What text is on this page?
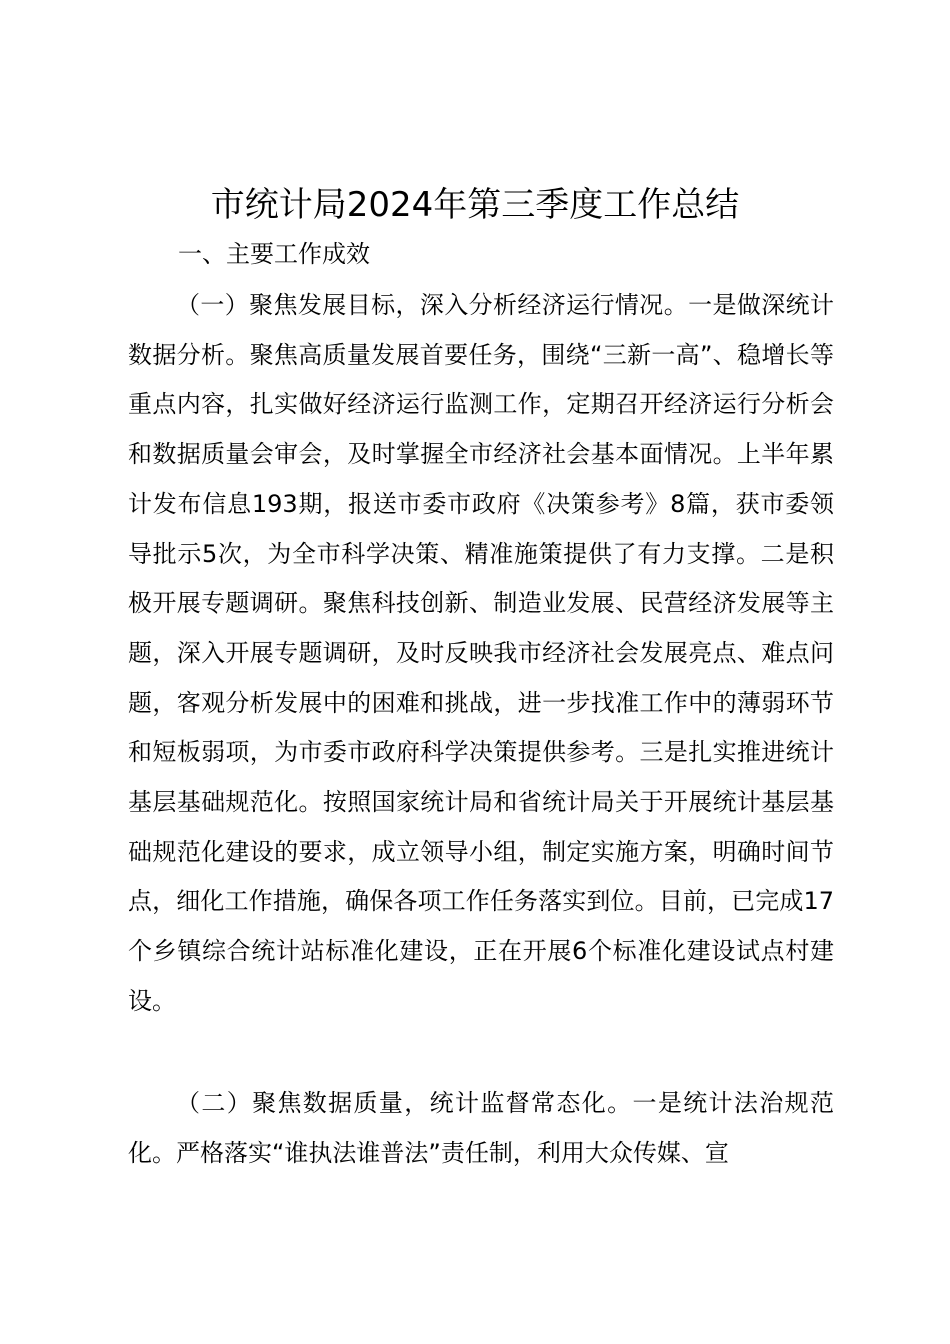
市统计局2024年第三季度工作总结

一、主要工作成效

（一）聚焦发展目标，深入分析经济运行情况。一是做深统计数据分析。聚焦高质量发展首要任务，围绕“三新一高”、稳增长等重点内容，扎实做好经济运行监测工作，定期召开经济运行分析会和数据质量会审会，及时掌握全市经济社会基本面情况。上半年累计发布信息193期，报送市委市政府《决策参考》8篇，获市委领导批示5次，为全市科学决策、精准施策提供了有力支撑。二是积极开展专题调研。聚焦科技创新、制造业发展、民营经济发展等主题，深入开展专题调研，及时反映我市经济社会发展亮点、难点问题，客观分析发展中的困难和挑战，进一步找准工作中的薄弱环节和短板弱项，为市委市政府科学决策提供参考。三是扎实推进统计基层基础规范化。按照国家统计局和省统计局关于开展统计基层基础规范化建设的要求，成立领导小组，制定实施方案，明确时间节点，细化工作措施，确保各项工作任务落实到位。目前，已完成17个乡镇综合统计站标准化建设，正在开展6个标准化建设试点村建设。

（二）聚焦数据质量，统计监督常态化。一是统计法治规范化。严格落实“谁执法谁普法”责任制，利用大众传媒、宣
